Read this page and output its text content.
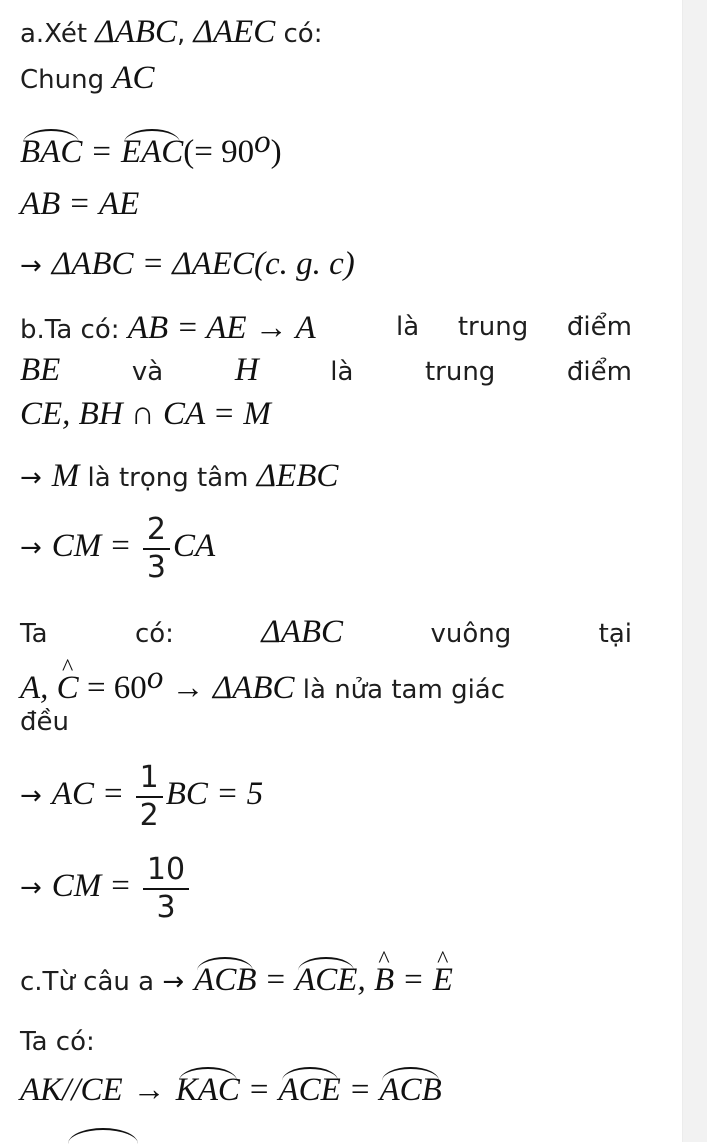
a.Xét ΔABC, ΔAEC có:
Chung AC
BAC = $EAC(= 90^o)$
AB = AE
→ ΔABC = ΔAEC(c. g. c)
b.Ta có: AB = AE → A	là trung điểm
BE	và H	là	trung	điểm
CE, BH ∩ CA = M
→ M là trọng tâm ΔEBC
→ CM = $\frac{2}{3}$ CA
Ta	có:	ΔABC	vuông	tại
A, ^ $C = 60^o \to \Delta ABC$ là nửa tam giác
đều
→ AC = $\frac{1}{2}$ BC = 5
→ CM = $\frac{10}{3}$
c.Từ câu a → ACB = ACE, ^ B =^ E
Ta có:
AK//CE → KAC = ACE = ACB
